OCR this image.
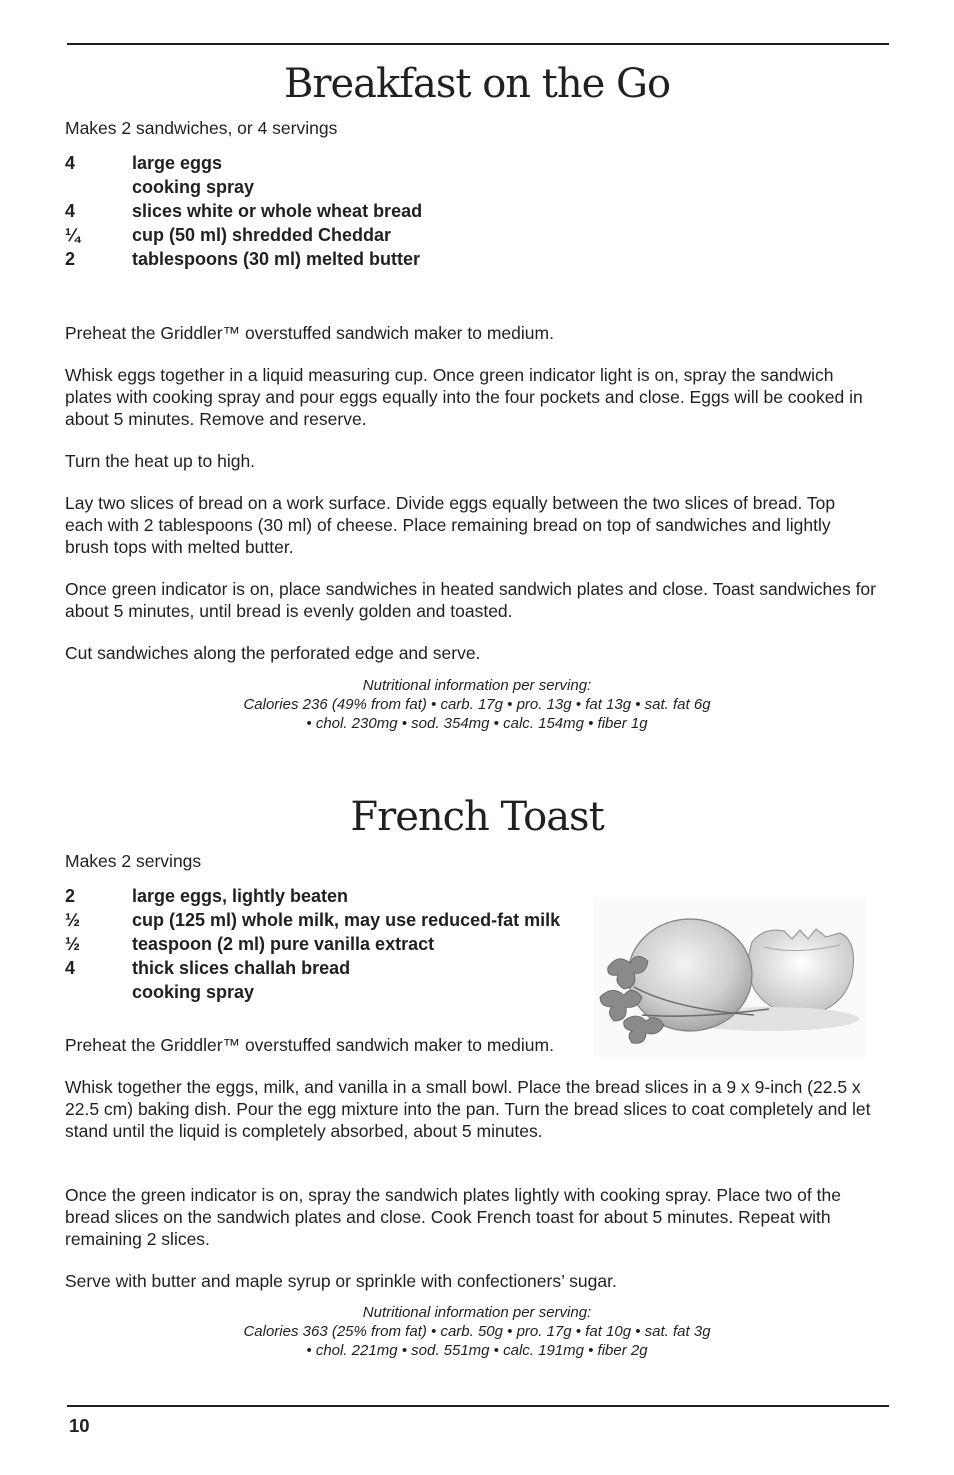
Breakfast on the Go
Makes 2 sandwiches, or 4 servings
4	large eggs
cooking spray
4	slices white or whole wheat bread
¼	cup (50 ml) shredded Cheddar
2	tablespoons (30 ml) melted butter

Preheat the Griddler™ overstuffed sandwich maker to medium.

Whisk eggs together in a liquid measuring cup. Once green indicator light is on, spray the sandwich plates with cooking spray and pour eggs equally into the four pockets and close. Eggs will be cooked in about 5 minutes. Remove and reserve.

Turn the heat up to high.

Lay two slices of bread on a work surface. Divide eggs equally between the two slices of bread. Top each with 2 tablespoons (30 ml) of cheese. Place remaining bread on top of sandwiches and lightly brush tops with melted butter.

Once green indicator is on, place sandwiches in heated sandwich plates and close. Toast sandwiches for about 5 minutes, until bread is evenly golden and toasted.

Cut sandwiches along the perforated edge and serve.

Nutritional information per serving:
Calories 236 (49% from fat) • carb. 17g • pro. 13g • fat 13g • sat. fat 6g
• chol. 230mg • sod. 354mg • calc. 154mg • fiber 1g
French Toast
Makes 2 servings
2	large eggs, lightly beaten
½	cup (125 ml) whole milk, may use reduced-fat milk
½	teaspoon (2 ml) pure vanilla extract
4	thick slices challah bread
cooking spray

Preheat the Griddler™ overstuffed sandwich maker to medium.

Whisk together the eggs, milk, and vanilla in a small bowl. Place the bread slices in a 9 x 9-inch (22.5 x 22.5 cm) baking dish. Pour the egg mixture into the pan. Turn the bread slices to coat completely and let stand until the liquid is completely absorbed, about 5 minutes.

Once the green indicator is on, spray the sandwich plates lightly with cooking spray. Place two of the bread slices on the sandwich plates and close. Cook French toast for about 5 minutes. Repeat with remaining 2 slices.

Serve with butter and maple syrup or sprinkle with confectioners’ sugar.

Nutritional information per serving:
Calories 363 (25% from fat) • carb. 50g • pro. 17g • fat 10g • sat. fat 3g
• chol. 221mg • sod. 551mg • calc. 191mg • fiber 2g
10
